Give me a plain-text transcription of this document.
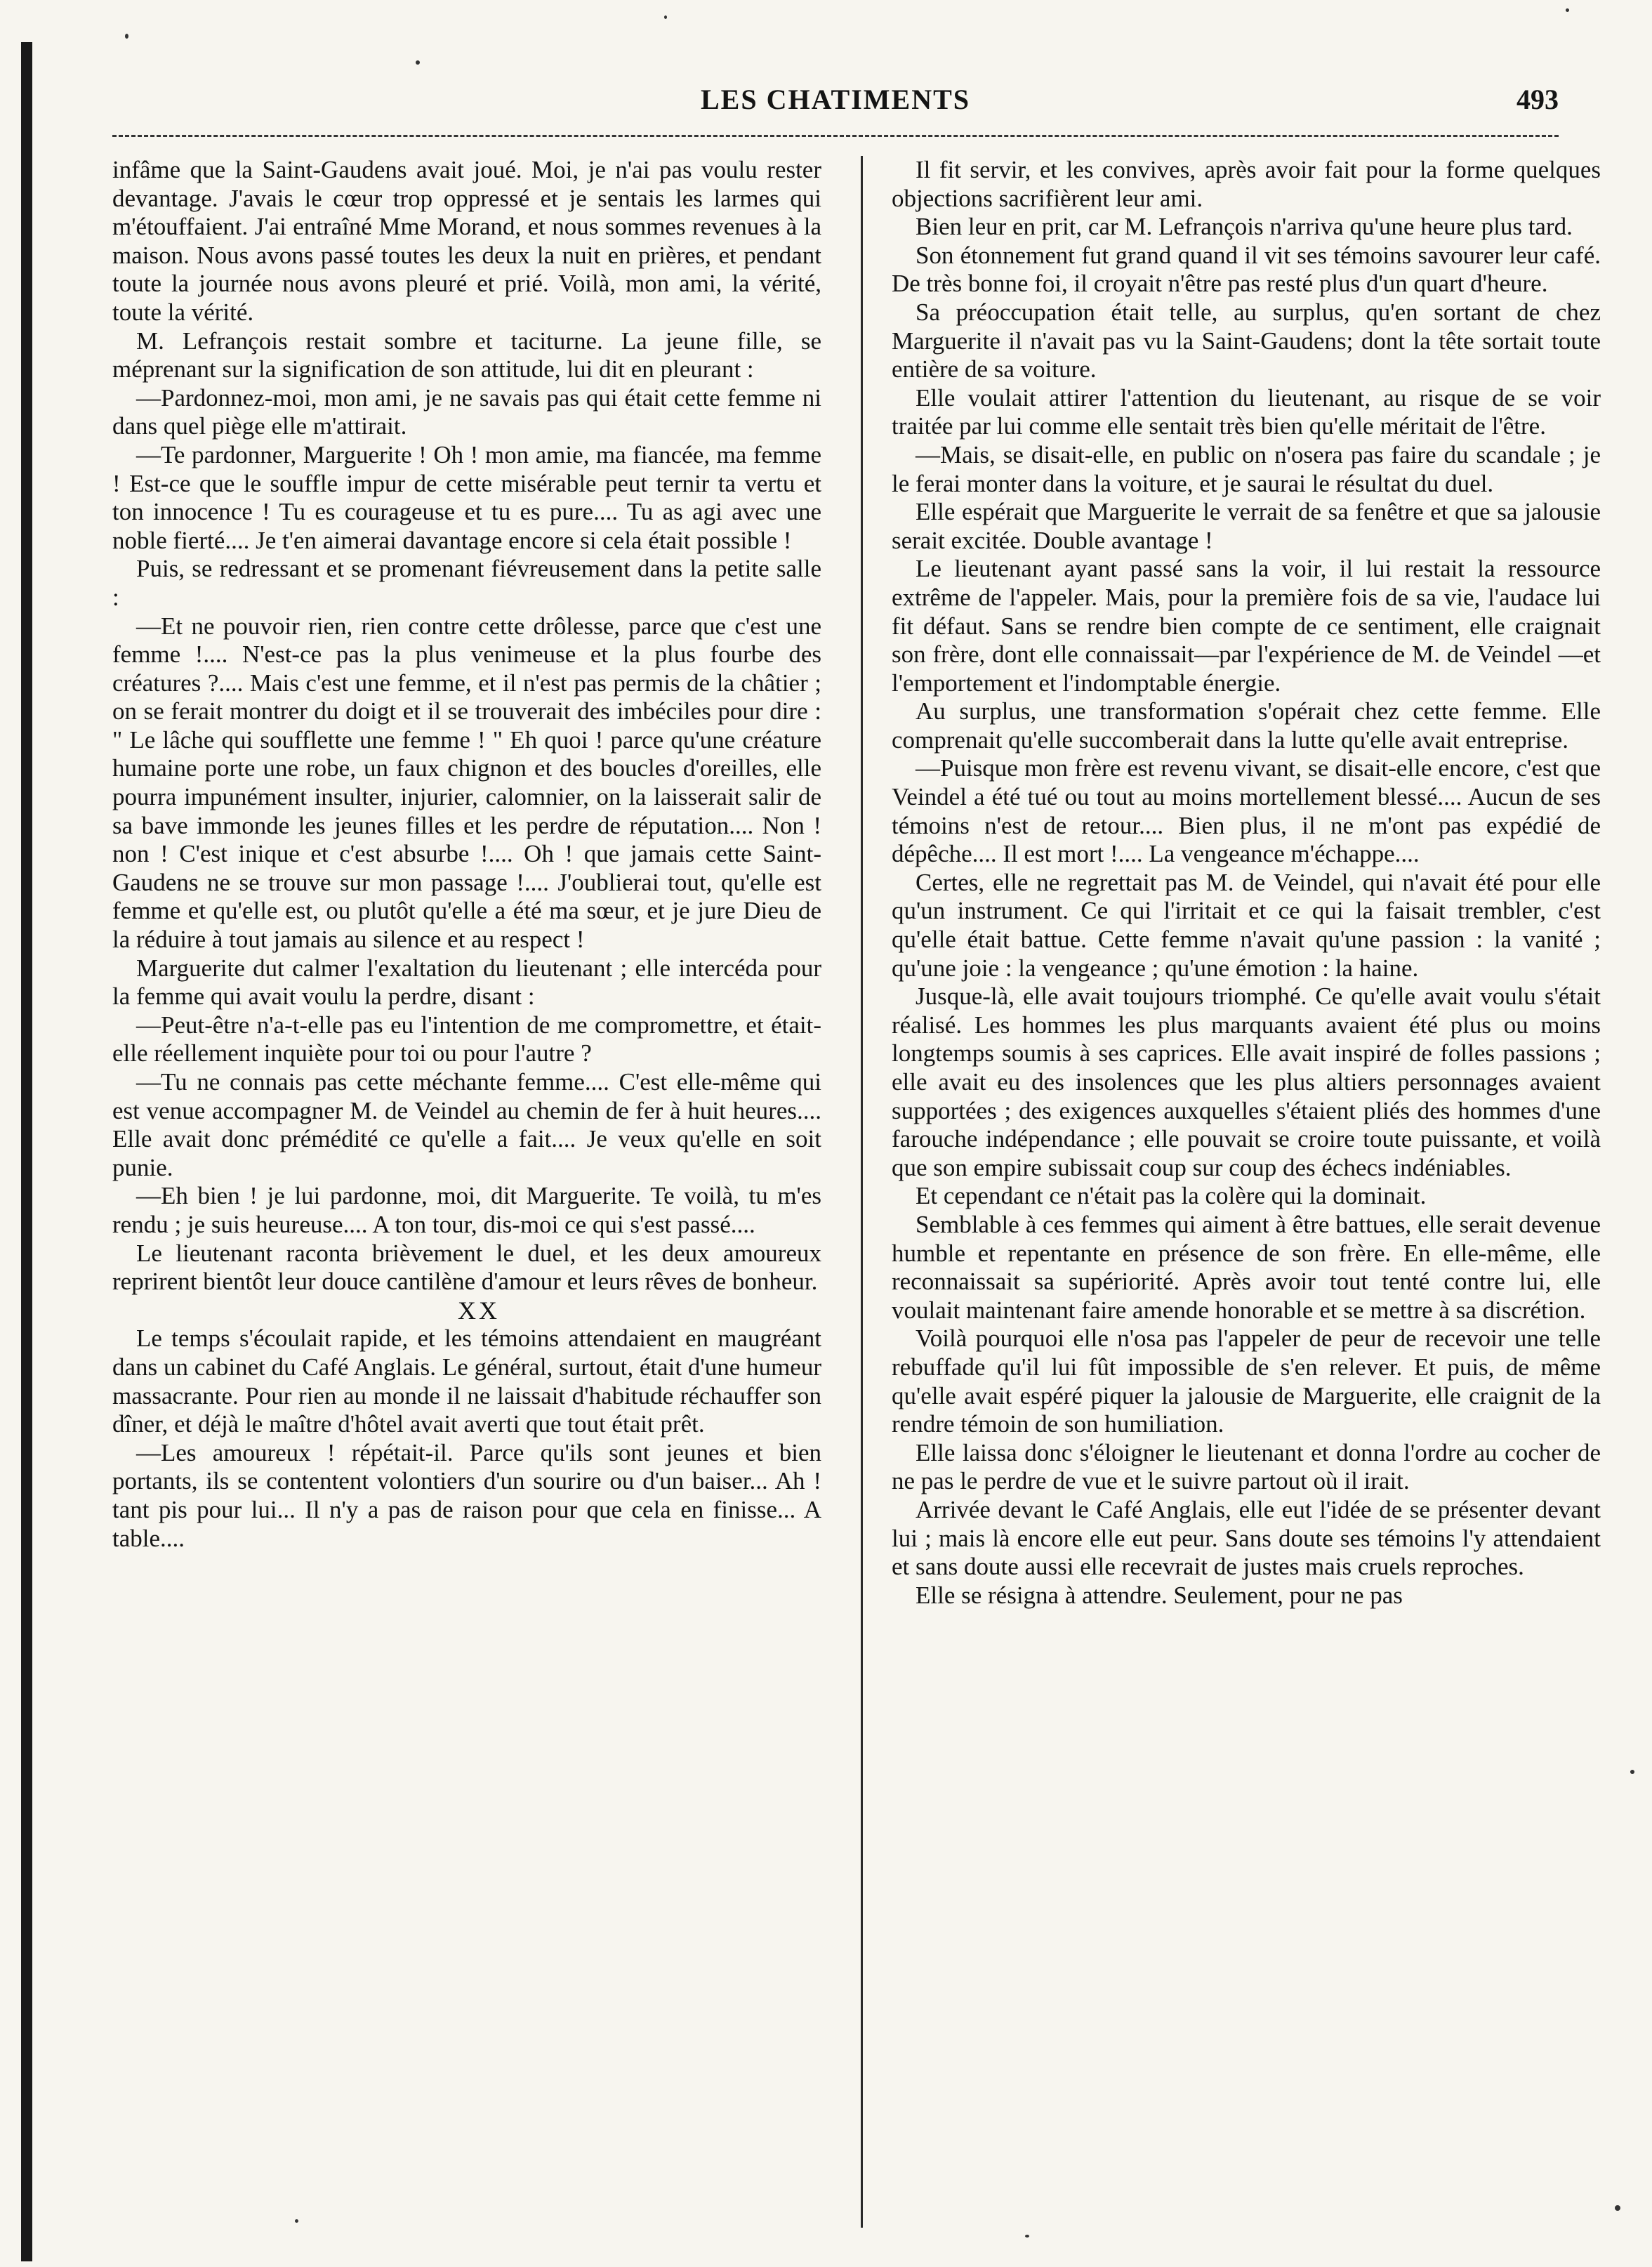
LES CHATIMENTS	493

infâme que la Saint-Gaudens avait joué. Moi, je n'ai pas voulu rester devantage. J'avais le cœur trop oppressé et je sentais les larmes qui m'étouffaient. J'ai entraîné Mme Morand, et nous sommes revenues à la maison. Nous avons passé toutes les deux la nuit en prières, et pendant toute la journée nous avons pleuré et prié. Voilà, mon ami, la vérité, toute la vérité.

M. Lefrançois restait sombre et taciturne. La jeune fille, se méprenant sur la signification de son attitude, lui dit en pleurant :

—Pardonnez-moi, mon ami, je ne savais pas qui était cette femme ni dans quel piège elle m'attirait.

—Te pardonner, Marguerite ! Oh ! mon amie, ma fiancée, ma femme ! Est-ce que le souffle impur de cette misérable peut ternir ta vertu et ton innocence ! Tu es courageuse et tu es pure.... Tu as agi avec une noble fierté.... Je t'en aimerai davantage encore si cela était possible !

Puis, se redressant et se promenant fiévreusement dans la petite salle :

—Et ne pouvoir rien, rien contre cette drôlesse, parce que c'est une femme !.... N'est-ce pas la plus venimeuse et la plus fourbe des créatures ?.... Mais c'est une femme, et il n'est pas permis de la châtier ; on se ferait montrer du doigt et il se trouverait des imbéciles pour dire : " Le lâche qui soufflette une femme ! " Eh quoi ! parce qu'une créature humaine porte une robe, un faux chignon et des boucles d'oreilles, elle pourra impunément insulter, injurier, calomnier, on la laisserait salir de sa bave immonde les jeunes filles et les perdre de réputation.... Non ! non ! C'est inique et c'est absurbe !.... Oh ! que jamais cette Saint-Gaudens ne se trouve sur mon passage !.... J'oublierai tout, qu'elle est femme et qu'elle est, ou plutôt qu'elle a été ma sœur, et je jure Dieu de la réduire à tout jamais au silence et au respect !

Marguerite dut calmer l'exaltation du lieutenant ; elle intercéda pour la femme qui avait voulu la perdre, disant :

—Peut-être n'a-t-elle pas eu l'intention de me compromettre, et était-elle réellement inquiète pour toi ou pour l'autre ?

—Tu ne connais pas cette méchante femme.... C'est elle-même qui est venue accompagner M. de Veindel au chemin de fer à huit heures.... Elle avait donc prémédité ce qu'elle a fait.... Je veux qu'elle en soit punie.

—Eh bien ! je lui pardonne, moi, dit Marguerite. Te voilà, tu m'es rendu ; je suis heureuse.... A ton tour, dis-moi ce qui s'est passé....

Le lieutenant raconta brièvement le duel, et les deux amoureux reprirent bientôt leur douce cantilène d'amour et leurs rêves de bonheur.

XX

Le temps s'écoulait rapide, et les témoins attendaient en maugréant dans un cabinet du Café Anglais. Le général, surtout, était d'une humeur massacrante. Pour rien au monde il ne laissait d'habitude réchauffer son dîner, et déjà le maître d'hôtel avait averti que tout était prêt.

—Les amoureux ! répétait-il. Parce qu'ils sont jeunes et bien portants, ils se contentent volontiers d'un sourire ou d'un baiser... Ah ! tant pis pour lui... Il n'y a pas de raison pour que cela en finisse... A table....

Il fit servir, et les convives, après avoir fait pour la forme quelques objections sacrifièrent leur ami.

Bien leur en prit, car M. Lefrançois n'arriva qu'une heure plus tard.

Son étonnement fut grand quand il vit ses témoins savourer leur café. De très bonne foi, il croyait n'être pas resté plus d'un quart d'heure.

Sa préoccupation était telle, au surplus, qu'en sortant de chez Marguerite il n'avait pas vu la Saint-Gaudens; dont la tête sortait toute entière de sa voiture.

Elle voulait attirer l'attention du lieutenant, au risque de se voir traitée par lui comme elle sentait très bien qu'elle méritait de l'être.

—Mais, se disait-elle, en public on n'osera pas faire du scandale ; je le ferai monter dans la voiture, et je saurai le résultat du duel.

Elle espérait que Marguerite le verrait de sa fenêtre et que sa jalousie serait excitée. Double avantage !

Le lieutenant ayant passé sans la voir, il lui restait la ressource extrême de l'appeler. Mais, pour la première fois de sa vie, l'audace lui fit défaut. Sans se rendre bien compte de ce sentiment, elle craignait son frère, dont elle connaissait—par l'expérience de M. de Veindel —et l'emportement et l'indomptable énergie.

Au surplus, une transformation s'opérait chez cette femme. Elle comprenait qu'elle succomberait dans la lutte qu'elle avait entreprise.

—Puisque mon frère est revenu vivant, se disait-elle encore, c'est que Veindel a été tué ou tout au moins mortellement blessé.... Aucun de ses témoins n'est de retour.... Bien plus, il ne m'ont pas expédié de dépêche.... Il est mort !.... La vengeance m'échappe....

Certes, elle ne regrettait pas M. de Veindel, qui n'avait été pour elle qu'un instrument. Ce qui l'irritait et ce qui la faisait trembler, c'est qu'elle était battue. Cette femme n'avait qu'une passion : la vanité ; qu'une joie : la vengeance ; qu'une émotion : la haine.

Jusque-là, elle avait toujours triomphé. Ce qu'elle avait voulu s'était réalisé. Les hommes les plus marquants avaient été plus ou moins longtemps soumis à ses caprices. Elle avait inspiré de folles passions ; elle avait eu des insolences que les plus altiers personnages avaient supportées ; des exigences auxquelles s'étaient pliés des hommes d'une farouche indépendance ; elle pouvait se croire toute puissante, et voilà que son empire subissait coup sur coup des échecs indéniables.

Et cependant ce n'était pas la colère qui la dominait.

Semblable à ces femmes qui aiment à être battues, elle serait devenue humble et repentante en présence de son frère. En elle-même, elle reconnaissait sa supériorité. Après avoir tout tenté contre lui, elle voulait maintenant faire amende honorable et se mettre à sa discrétion.

Voilà pourquoi elle n'osa pas l'appeler de peur de recevoir une telle rebuffade qu'il lui fût impossible de s'en relever. Et puis, de même qu'elle avait espéré piquer la jalousie de Marguerite, elle craignit de la rendre témoin de son humiliation.

Elle laissa donc s'éloigner le lieutenant et donna l'ordre au cocher de ne pas le perdre de vue et le suivre partout où il irait.

Arrivée devant le Café Anglais, elle eut l'idée de se présenter devant lui ; mais là encore elle eut peur. Sans doute ses témoins l'y attendaient et sans doute aussi elle recevrait de justes mais cruels reproches.

Elle se résigna à attendre. Seulement, pour ne pas
